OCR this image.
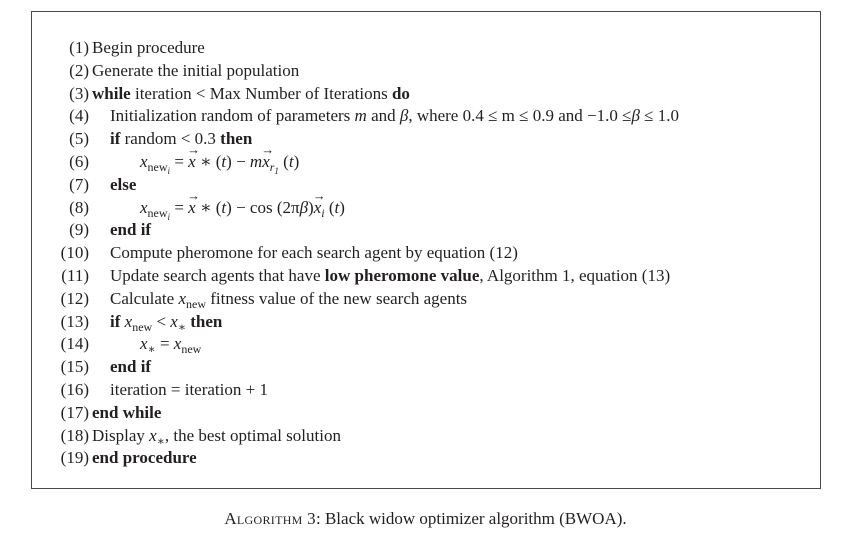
(1) Begin procedure
(2) Generate the initial population
(3) while iteration < Max Number of Iterations do
(4) Initialization random of parameters m and β, where 0.4 ≤ m ≤ 0.9 and −1.0 ≤β ≤ 1.0
(5) if random < 0.3 then
(6)	$x_{new_i}$ = → x ∗ $(t) - m\to x_{r_1}$ (t)
(7) else
(8)	$x_{new_i}$ = → x ∗ $(t) - \cos (2\pi\beta)\to x_i$ (t)
(9) end if
(10) Compute pheromone for each search agent by equation (12)
(11) Update search agents that have low pheromone value, Algorithm 1, equation (13)
(12) Calculate $x_{new}$ fitness value of the new search agents
(13) if $x_{new} < x_∗$ then
(14)	$x_∗ = x_{new}$
(15) end if
(16) iteration = iteration + 1
(17) end while
(18) Display $x_∗$, the best optimal solution
(19) end procedure
Algorithm 3: Black widow optimizer algorithm (BWOA).
